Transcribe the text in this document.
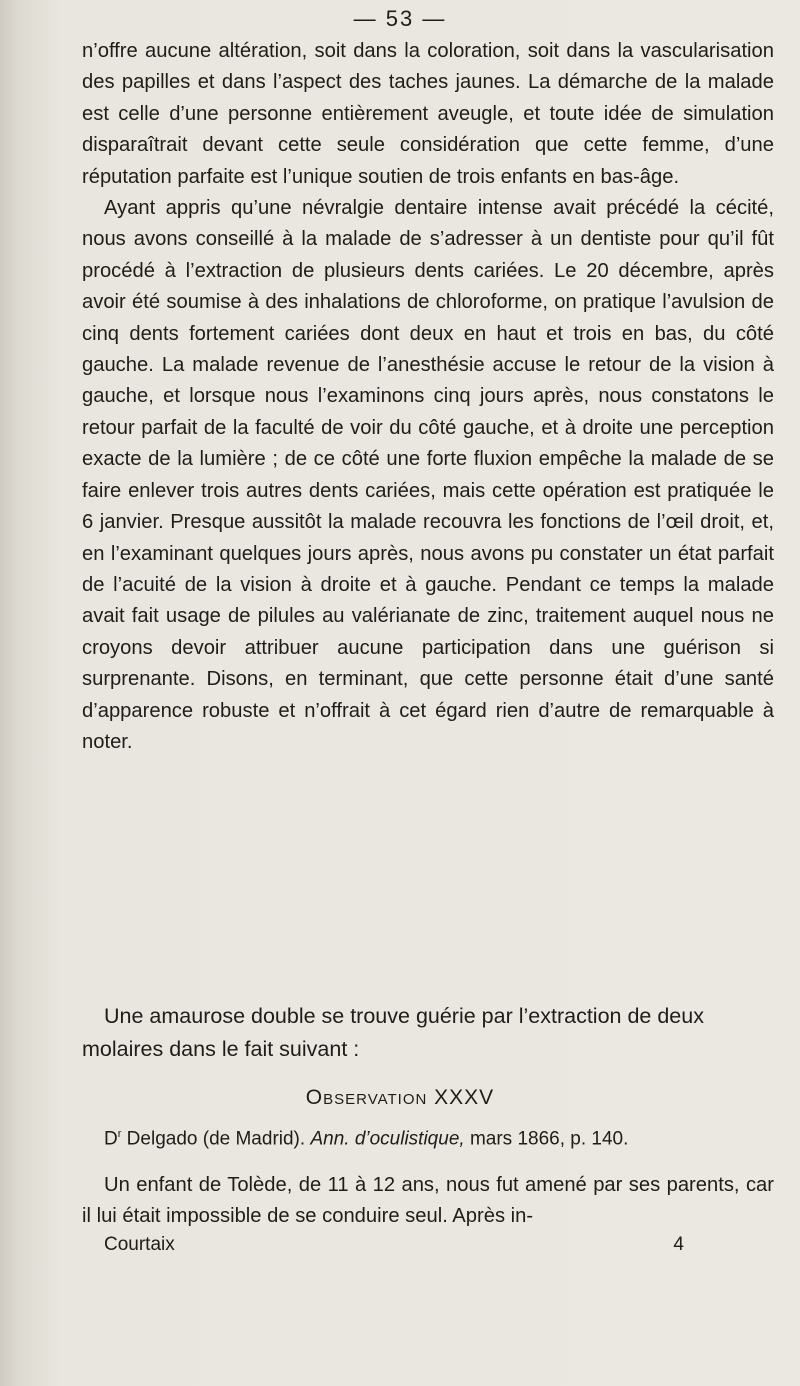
— 53 —

n’offre aucune altération, soit dans la coloration, soit dans la vascularisation des papilles et dans l’aspect des taches jaunes. La démarche de la malade est celle d’une personne entièrement aveugle, et toute idée de simulation disparaîtrait devant cette seule considération que cette femme, d’une réputation parfaite est l’unique soutien de trois enfants en bas-âge.

Ayant appris qu’une névralgie dentaire intense avait précédé la cécité, nous avons conseillé à la malade de s’adresser à un dentiste pour qu’il fût procédé à l’extraction de plusieurs dents cariées. Le 20 décembre, après avoir été soumise à des inhalations de chloroforme, on pratique l’avulsion de cinq dents fortement cariées dont deux en haut et trois en bas, du côté gauche. La malade revenue de l’anesthésie accuse le retour de la vision à gauche, et lorsque nous l’examinons cinq jours après, nous constatons le retour parfait de la faculté de voir du côté gauche, et à droite une perception exacte de la lumière ; de ce côté une forte fluxion empêche la malade de se faire enlever trois autres dents cariées, mais cette opération est pratiquée le 6 janvier. Presque aussitôt la malade recouvra les fonctions de l’œil droit, et, en l’examinant quelques jours après, nous avons pu constater un état parfait de l’acuité de la vision à droite et à gauche. Pendant ce temps la malade avait fait usage de pilules au valérianate de zinc, traitement auquel nous ne croyons devoir attribuer aucune participation dans une guérison si surprenante. Disons, en terminant, que cette personne était d’une santé d’apparence robuste et n’offrait à cet égard rien d’autre de remarquable à noter.

Une amaurose double se trouve guérie par l’extraction de deux molaires dans le fait suivant :

Observation XXXV

$D^r$ Delgado (de Madrid). Ann. d’oculistique, mars 1866, p. 140.

Un enfant de Tolède, de 11 à 12 ans, nous fut amené par ses parents, car il lui était impossible de se conduire seul. Après in-

Courtaix	4
